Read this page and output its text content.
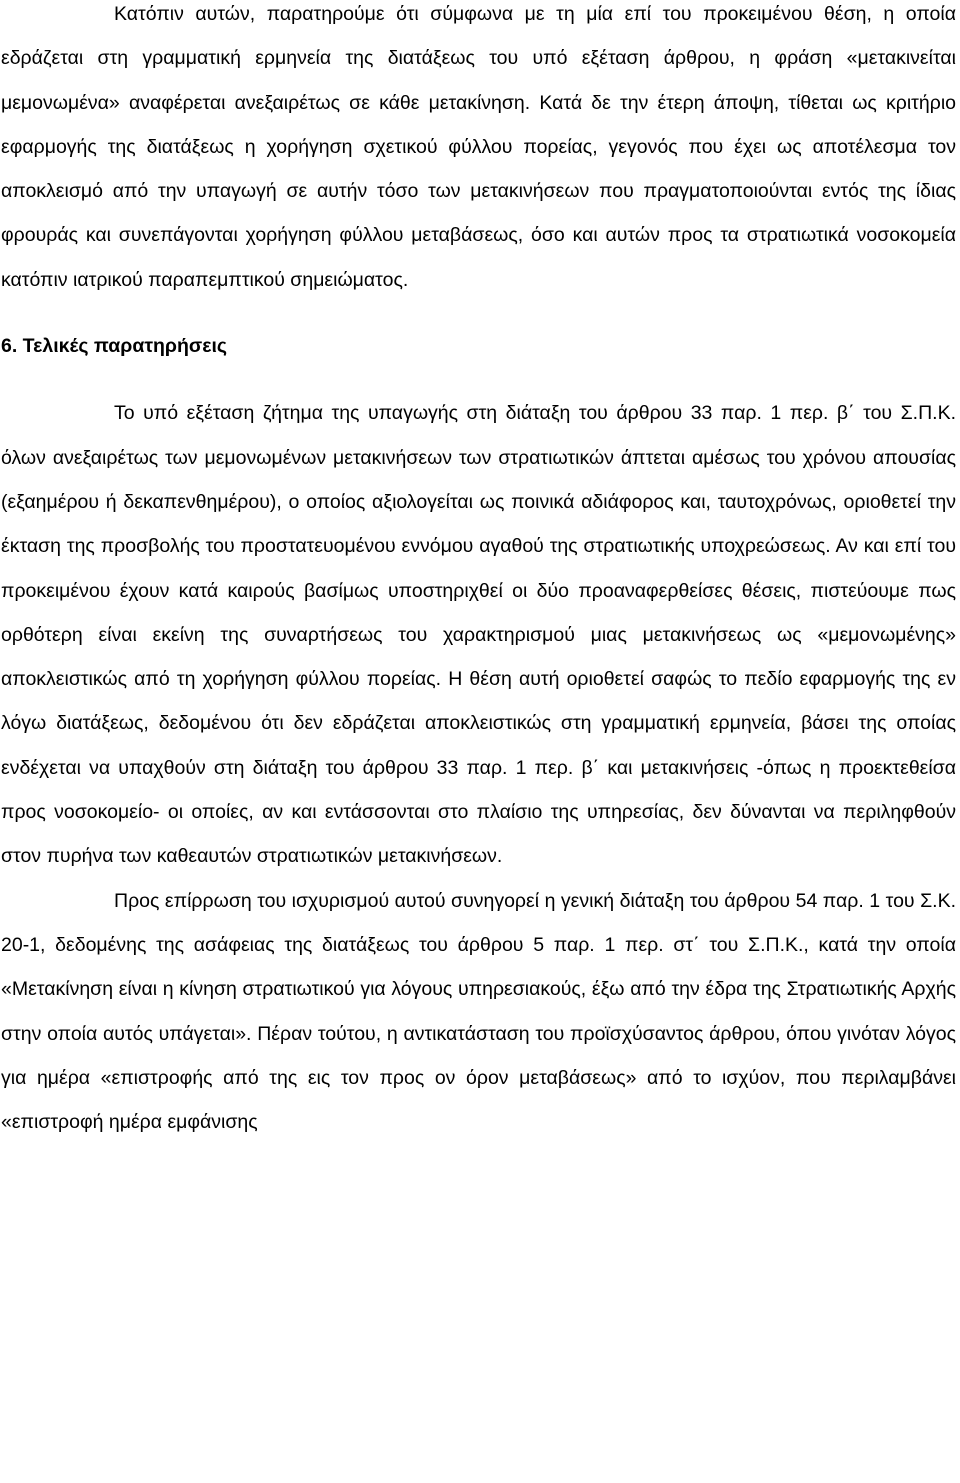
Κατόπιν αυτών, παρατηρούμε ότι σύμφωνα με τη μία επί του προκειμένου θέση, η οποία εδράζεται στη γραμματική ερμηνεία της διατάξεως του υπό εξέταση άρθρου, η φράση «μετακινείται μεμονωμένα» αναφέρεται ανεξαιρέτως σε κάθε μετακίνηση. Κατά δε την έτερη άποψη, τίθεται ως κριτήριο εφαρμογής της διατάξεως η χορήγηση σχετικού φύλλου πορείας, γεγονός που έχει ως αποτέλεσμα τον αποκλεισμό από την υπαγωγή σε αυτήν τόσο των μετακινήσεων που πραγματοποιούνται εντός της ίδιας φρουράς και συνεπάγονται χορήγηση φύλλου μεταβάσεως, όσο και αυτών προς τα στρατιωτικά νοσοκομεία κατόπιν ιατρικού παραπεμπτικού σημειώματος.

6. Τελικές παρατηρήσεις

Το υπό εξέταση ζήτημα της υπαγωγής στη διάταξη του άρθρου 33 παρ. 1 περ. β΄ του Σ.Π.Κ. όλων ανεξαιρέτως των μεμονωμένων μετακινήσεων των στρατιωτικών άπτεται αμέσως του χρόνου απουσίας (εξαημέρου ή δεκαπενθημέρου), ο οποίος αξιολογείται ως ποινικά αδιάφορος και, ταυτοχρόνως, οριοθετεί την έκταση της προσβολής του προστατευομένου εννόμου αγαθού της στρατιωτικής υποχρεώσεως. Αν και επί του προκειμένου έχουν κατά καιρούς βασίμως υποστηριχθεί οι δύο προαναφερθείσες θέσεις, πιστεύουμε πως ορθότερη είναι εκείνη της συναρτήσεως του χαρακτηρισμού μιας μετακινήσεως ως «μεμονωμένης» αποκλειστικώς από τη χορήγηση φύλλου πορείας. Η θέση αυτή οριοθετεί σαφώς το πεδίο εφαρμογής της εν λόγω διατάξεως, δεδομένου ότι δεν εδράζεται αποκλειστικώς στη γραμματική ερμηνεία, βάσει της οποίας ενδέχεται να υπαχθούν στη διάταξη του άρθρου 33 παρ. 1 περ. β΄ και μετακινήσεις -όπως η προεκτεθείσα προς νοσοκομείο- οι οποίες, αν και εντάσσονται στο πλαίσιο της υπηρεσίας, δεν δύνανται να περιληφθούν στον πυρήνα των καθεαυτών στρατιωτικών μετακινήσεων.

Προς επίρρωση του ισχυρισμού αυτού συνηγορεί η γενική διάταξη του άρθρου 54 παρ. 1 του Σ.Κ. 20-1, δεδομένης της ασάφειας της διατάξεως του άρθρου 5 παρ. 1 περ. στ΄ του Σ.Π.Κ., κατά την οποία «Μετακίνηση είναι η κίνηση στρατιωτικού για λόγους υπηρεσιακούς, έξω από την έδρα της Στρατιωτικής Αρχής στην οποία αυτός υπάγεται». Πέραν τούτου, η αντικατάσταση του προϊσχύσαντος άρθρου, όπου γινόταν λόγος για ημέρα «επιστροφής από της εις τον προς ον όρον μεταβάσεως» από το ισχύον, που περιλαμβάνει «επιστροφή ημέρα εμφάνισης
